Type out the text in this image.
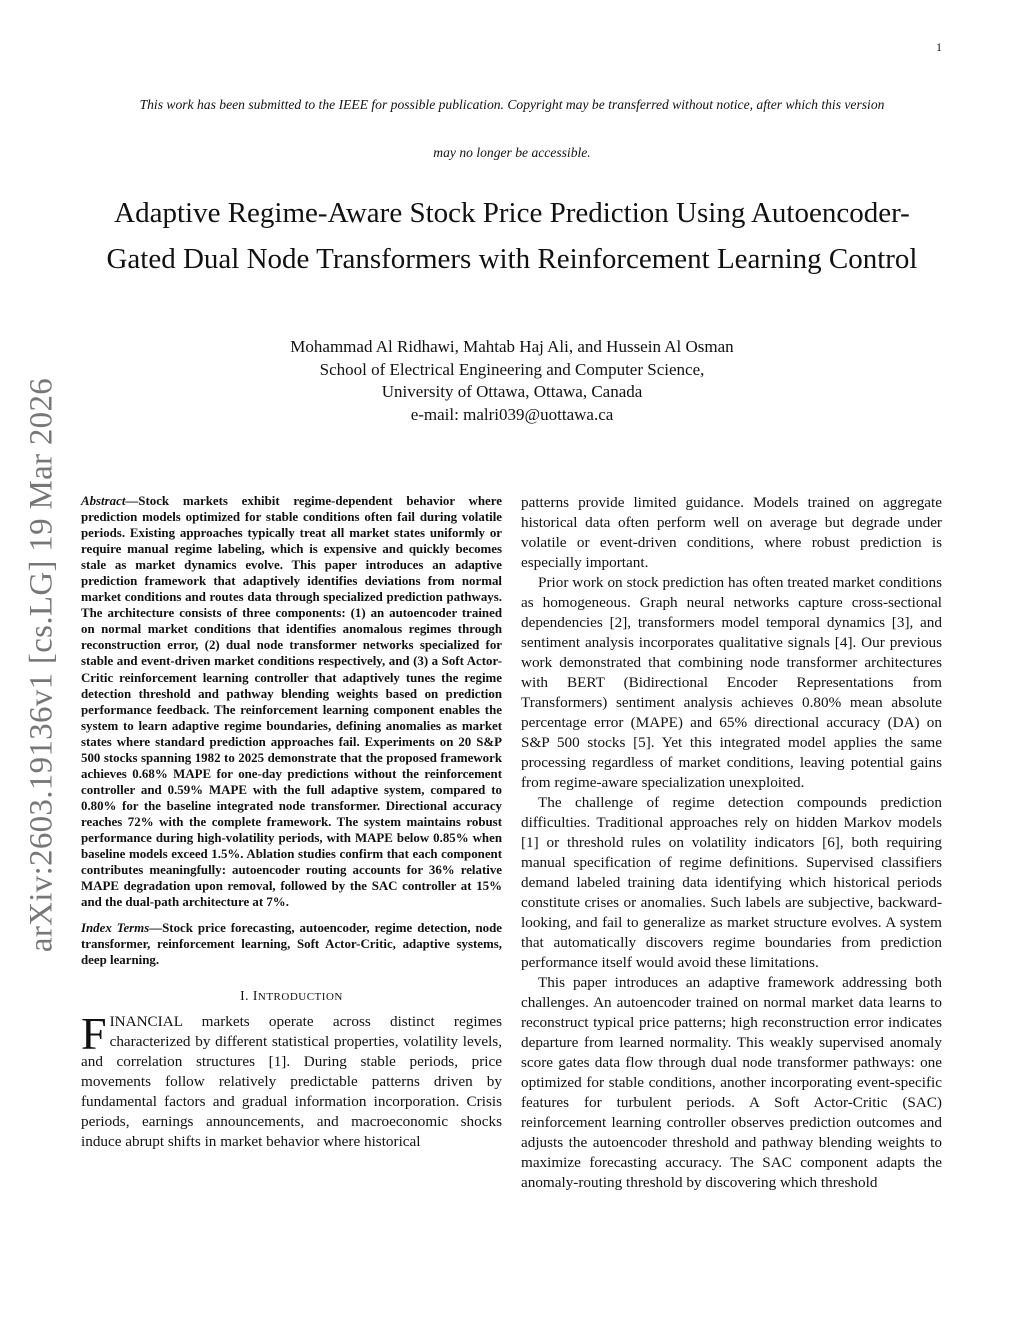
1
This work has been submitted to the IEEE for possible publication. Copyright may be transferred without notice, after which this version
may no longer be accessible.
Adaptive Regime-Aware Stock Price Prediction Using Autoencoder-Gated Dual Node Transformers with Reinforcement Learning Control
Mohammad Al Ridhawi, Mahtab Haj Ali, and Hussein Al Osman
School of Electrical Engineering and Computer Science,
University of Ottawa, Ottawa, Canada
e-mail: malri039@uottawa.ca
arXiv:2603.19136v1 [cs.LG] 19 Mar 2026 Abstract—Stock markets exhibit regime-dependent behavior where prediction models optimized for stable conditions often fail during volatile periods. Existing approaches typically treat all market states uniformly or require manual regime labeling, which is expensive and quickly becomes stale as market dynamics evolve. This paper introduces an adaptive prediction framework that adaptively identifies deviations from normal market conditions and routes data through specialized prediction pathways. The architecture consists of three components: (1) an autoencoder trained on normal market conditions that identifies anomalous regimes through reconstruction error, (2) dual node transformer networks specialized for stable and event-driven market conditions respectively, and (3) a Soft Actor-Critic reinforcement learning controller that adaptively tunes the regime detection threshold and pathway blending weights based on prediction performance feedback. The reinforcement learning component enables the system to learn adaptive regime boundaries, defining anomalies as market states where standard prediction approaches fail. Experiments on 20 S&P 500 stocks spanning 1982 to 2025 demonstrate that the proposed framework achieves 0.68% MAPE for one-day predictions without the reinforcement controller and 0.59% MAPE with the full adaptive system, compared to 0.80% for the baseline integrated node transformer. Directional accuracy reaches 72% with the complete framework. The system maintains robust performance during high-volatility periods, with MAPE below 0.85% when baseline models exceed 1.5%. Ablation studies confirm that each component contributes meaningfully: autoencoder routing accounts for 36% relative MAPE degradation upon removal, followed by the SAC controller at 15% and the dual-path architecture at 7%.

Index Terms—Stock price forecasting, autoencoder, regime detection, node transformer, reinforcement learning, Soft Actor-Critic, adaptive systems, deep learning.

I. INTRODUCTION

FINANCIAL markets operate across distinct regimes characterized by different statistical properties, volatility levels, and correlation structures [1]. During stable periods, price movements follow relatively predictable patterns driven by fundamental factors and gradual information incorporation. Crisis periods, earnings announcements, and macroeconomic shocks induce abrupt shifts in market behavior where historical

patterns provide limited guidance. Models trained on aggregate historical data often perform well on average but degrade under volatile or event-driven conditions, where robust prediction is especially important.

Prior work on stock prediction has often treated market conditions as homogeneous. Graph neural networks capture cross-sectional dependencies [2], transformers model temporal dynamics [3], and sentiment analysis incorporates qualitative signals [4]. Our previous work demonstrated that combining node transformer architectures with BERT (Bidirectional Encoder Representations from Transformers) sentiment analysis achieves 0.80% mean absolute percentage error (MAPE) and 65% directional accuracy (DA) on S&P 500 stocks [5]. Yet this integrated model applies the same processing regardless of market conditions, leaving potential gains from regime-aware specialization unexploited.

The challenge of regime detection compounds prediction difficulties. Traditional approaches rely on hidden Markov models [1] or threshold rules on volatility indicators [6], both requiring manual specification of regime definitions. Supervised classifiers demand labeled training data identifying which historical periods constitute crises or anomalies. Such labels are subjective, backward-looking, and fail to generalize as market structure evolves. A system that automatically discovers regime boundaries from prediction performance itself would avoid these limitations.

This paper introduces an adaptive framework addressing both challenges. An autoencoder trained on normal market data learns to reconstruct typical price patterns; high reconstruction error indicates departure from learned normality. This weakly supervised anomaly score gates data flow through dual node transformer pathways: one optimized for stable conditions, another incorporating event-specific features for turbulent periods. A Soft Actor-Critic (SAC) reinforcement learning controller observes prediction outcomes and adjusts the autoencoder threshold and pathway blending weights to maximize forecasting accuracy. The SAC component adapts the anomaly-routing threshold by discovering which threshold
